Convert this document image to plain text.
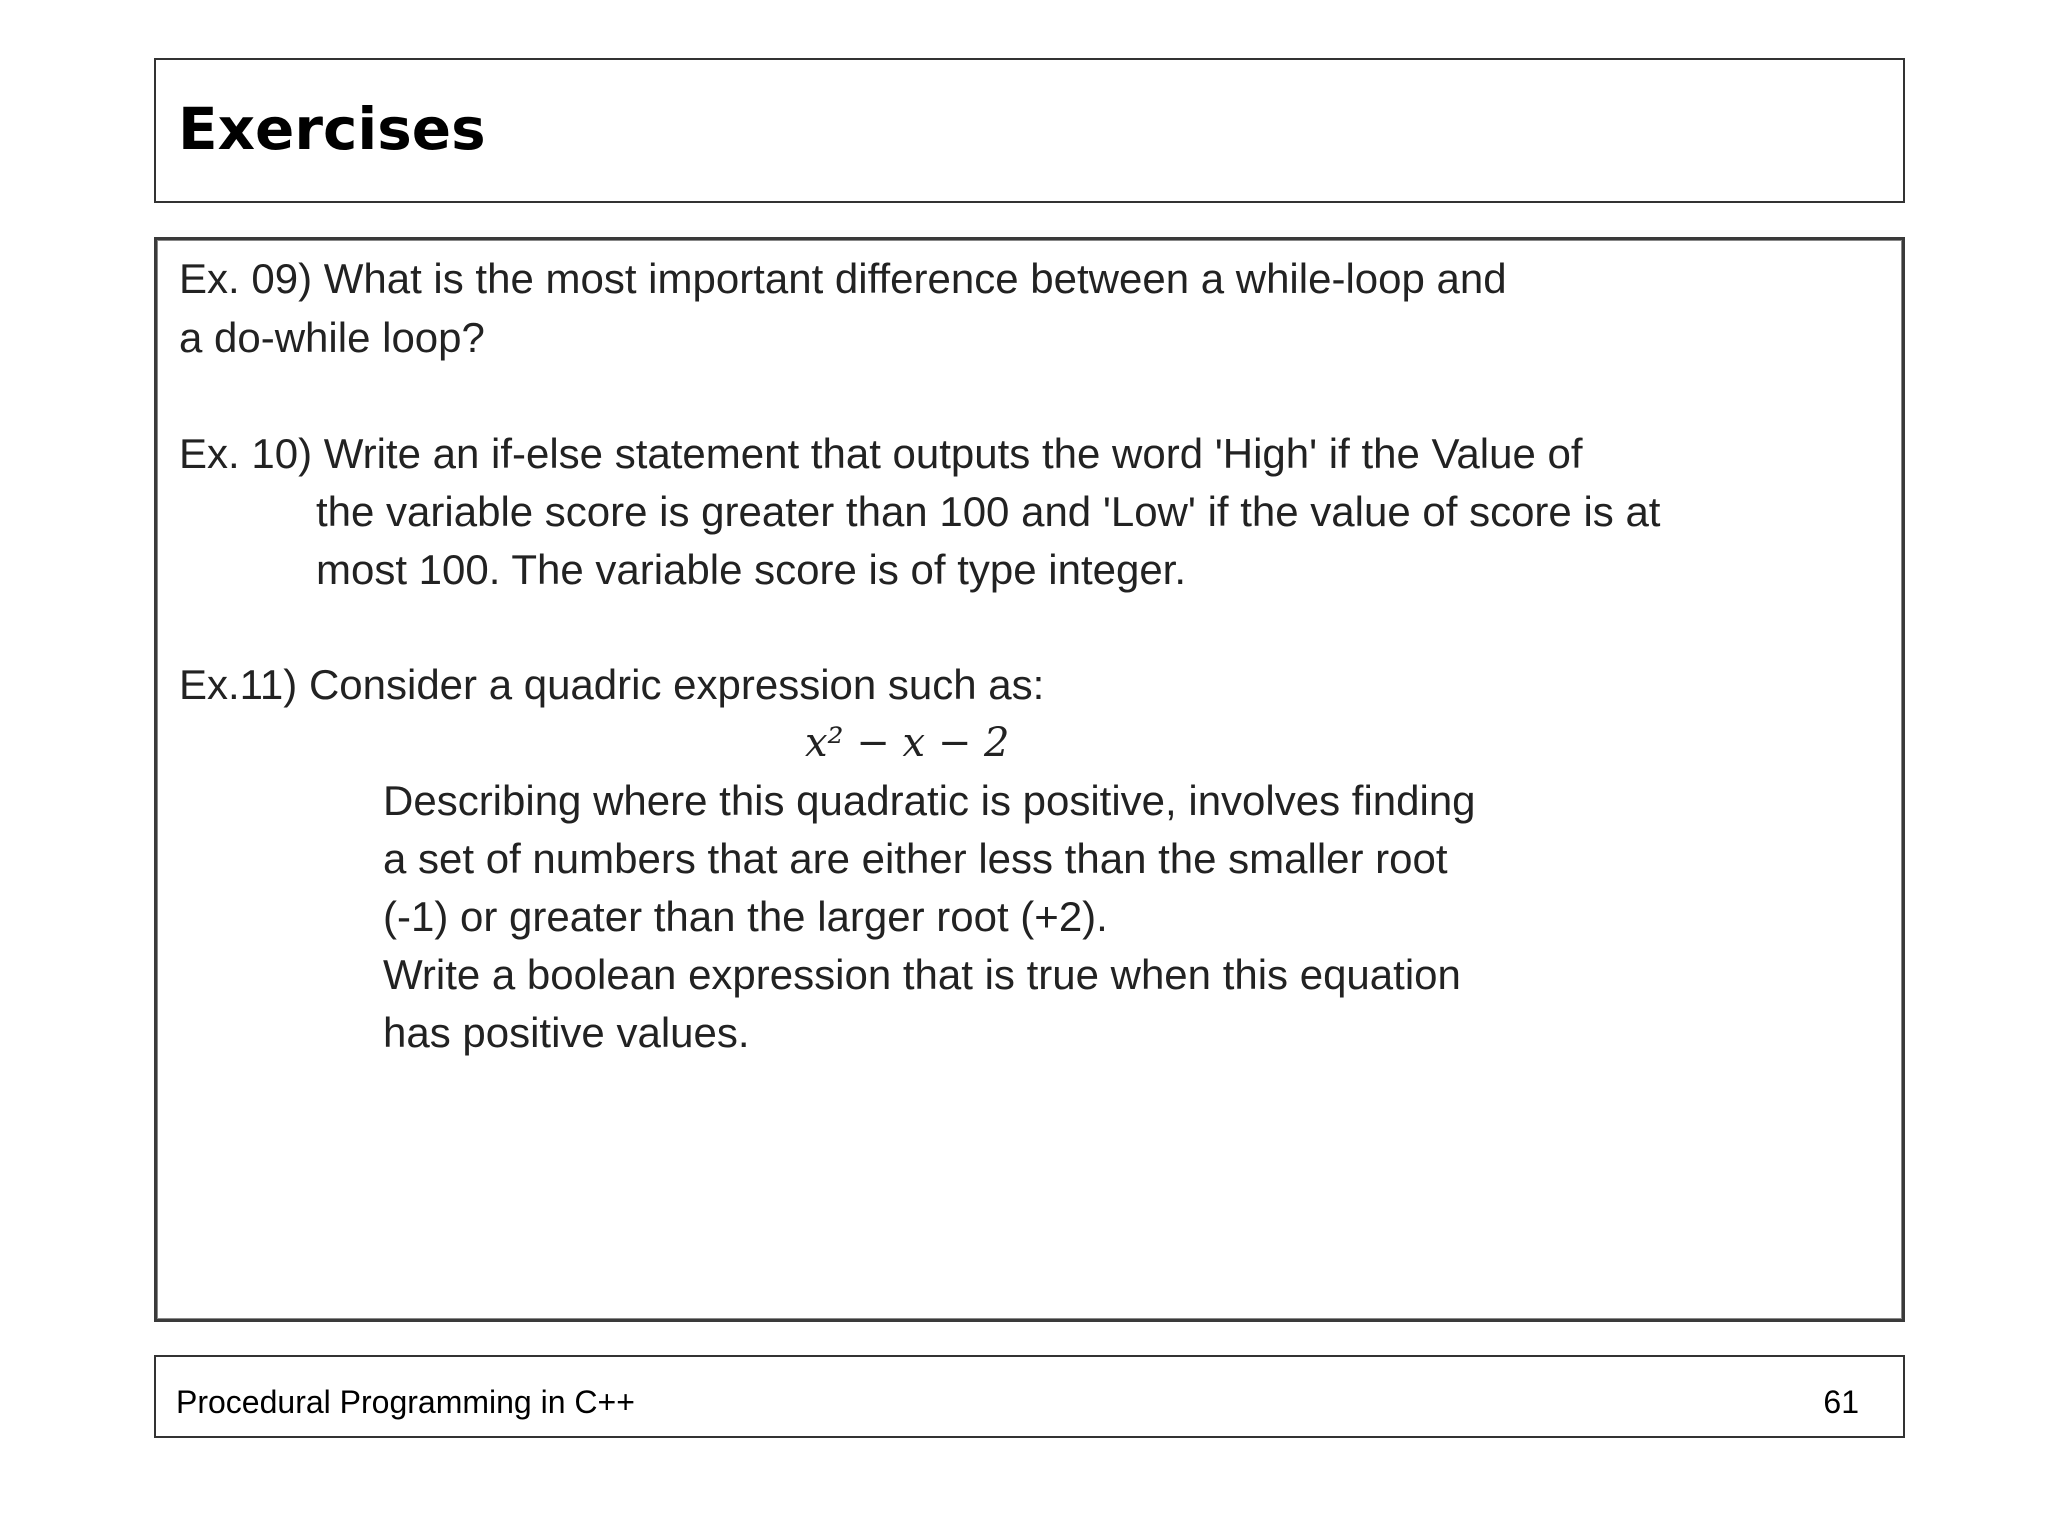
Exercises
Ex. 09) What is the most important difference between a while-loop and
a do-while loop?
Ex. 10) Write an if-else statement that outputs the word 'High' if the Value of
the variable score is greater than 100 and 'Low' if the value of score is at
most 100. The variable score is of type integer.
Ex.11) Consider a quadric expression such as:
x² − x − 2
Describing where this quadratic is positive, involves finding
a set of numbers that are either less than the smaller root
(-1) or greater than the larger root (+2).
Write a boolean expression that is true when this equation
has positive values.
Procedural Programming in C++	61
